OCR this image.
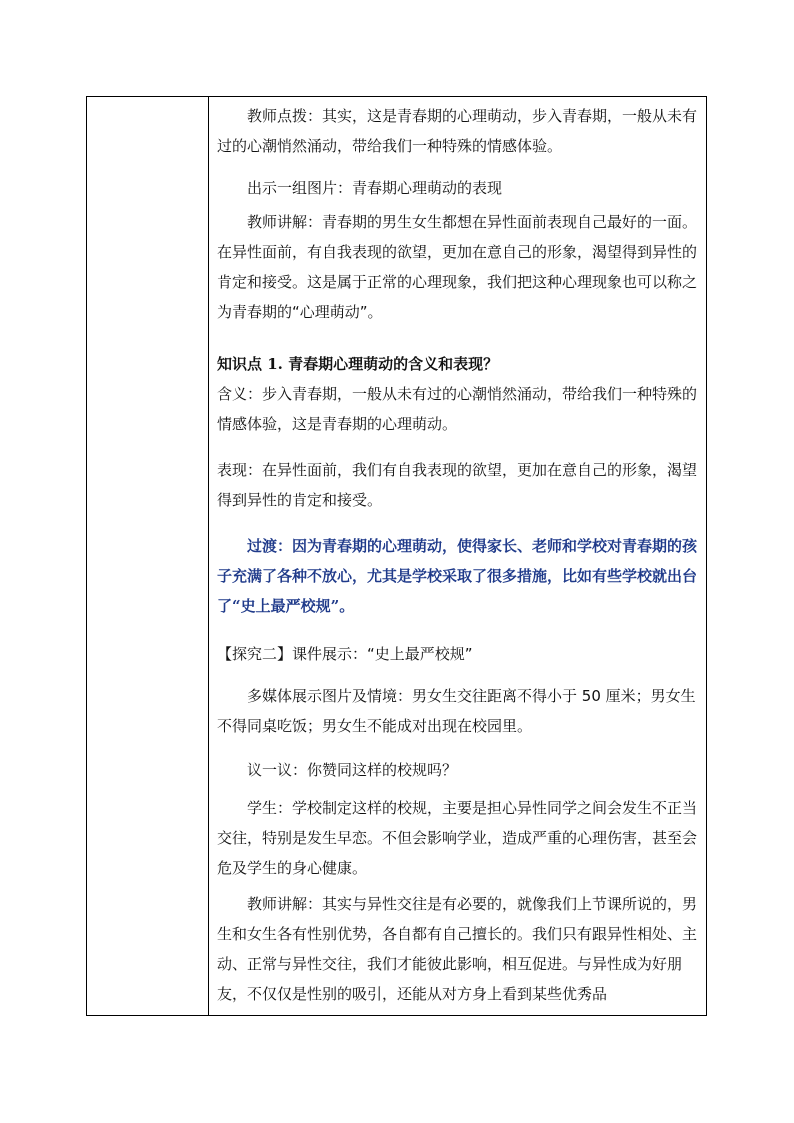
教师点拨：其实，这是青春期的心理萌动，步入青春期，一般从未有过的心潮悄然涌动，带给我们一种特殊的情感体验。

出示一组图片：青春期心理萌动的表现

教师讲解：青春期的男生女生都想在异性面前表现自己最好的一面。在异性面前，有自我表现的欲望，更加在意自己的形象，渴望得到异性的肯定和接受。这是属于正常的心理现象，我们把这种心理现象也可以称之为青春期的“心理萌动”。

知识点 1. 青春期心理萌动的含义和表现？

含义：步入青春期，一般从未有过的心潮悄然涌动，带给我们一种特殊的情感体验，这是青春期的心理萌动。

表现：在异性面前，我们有自我表现的欲望，更加在意自己的形象，渴望得到异性的肯定和接受。

过渡：因为青春期的心理萌动，使得家长、老师和学校对青春期的孩子充满了各种不放心，尤其是学校采取了很多措施，比如有些学校就出台了“史上最严校规”。

【探究二】课件展示：“史上最严校规”

多媒体展示图片及情境：男女生交往距离不得小于 50 厘米；男女生不得同桌吃饭；男女生不能成对出现在校园里。

议一议：你赞同这样的校规吗？

学生：学校制定这样的校规，主要是担心异性同学之间会发生不正当交往，特别是发生早恋。不但会影响学业，造成严重的心理伤害，甚至会危及学生的身心健康。

教师讲解：其实与异性交往是有必要的，就像我们上节课所说的，男生和女生各有性别优势，各自都有自己擅长的。我们只有跟异性相处、主动、正常与异性交往，我们才能彼此影响，相互促进。与异性成为好朋友，不仅仅是性别的吸引，还能从对方身上看到某些优秀品
